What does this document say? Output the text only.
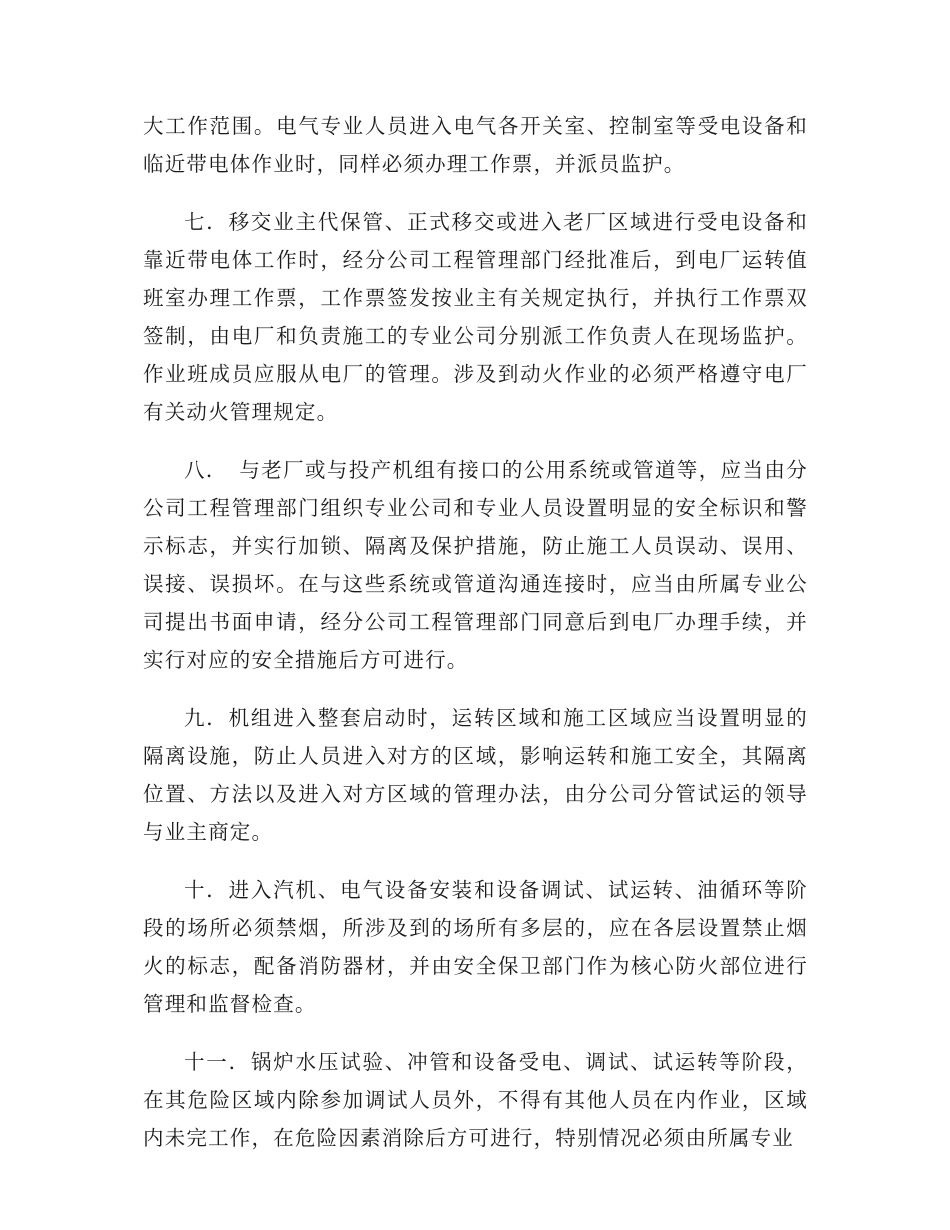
大工作范围。电气专业人员进入电气各开关室、控制室等受电设备和临近带电体作业时，同样必须办理工作票，并派员监护。

七．移交业主代保管、正式移交或进入老厂区域进行受电设备和靠近带电体工作时，经分公司工程管理部门经批准后，到电厂运转值班室办理工作票，工作票签发按业主有关规定执行，并执行工作票双签制，由电厂和负责施工的专业公司分别派工作负责人在现场监护。作业班成员应服从电厂的管理。涉及到动火作业的必须严格遵守电厂有关动火管理规定。

八．　与老厂或与投产机组有接口的公用系统或管道等，应当由分公司工程管理部门组织专业公司和专业人员设置明显的安全标识和警示标志，并实行加锁、隔离及保护措施，防止施工人员误动、误用、误接、误损坏。在与这些系统或管道沟通连接时，应当由所属专业公司提出书面申请，经分公司工程管理部门同意后到电厂办理手续，并实行对应的安全措施后方可进行。

九．机组进入整套启动时，运转区域和施工区域应当设置明显的隔离设施，防止人员进入对方的区域，影响运转和施工安全，其隔离位置、方法以及进入对方区域的管理办法，由分公司分管试运的领导与业主商定。

十．进入汽机、电气设备安装和设备调试、试运转、油循环等阶段的场所必须禁烟，所涉及到的场所有多层的，应在各层设置禁止烟火的标志，配备消防器材，并由安全保卫部门作为核心防火部位进行管理和监督检查。

十一．锅炉水压试验、冲管和设备受电、调试、试运转等阶段，在其危险区域内除参加调试人员外，不得有其他人员在内作业，区域内未完工作，在危险因素消除后方可进行，特别情况必须由所属专业
